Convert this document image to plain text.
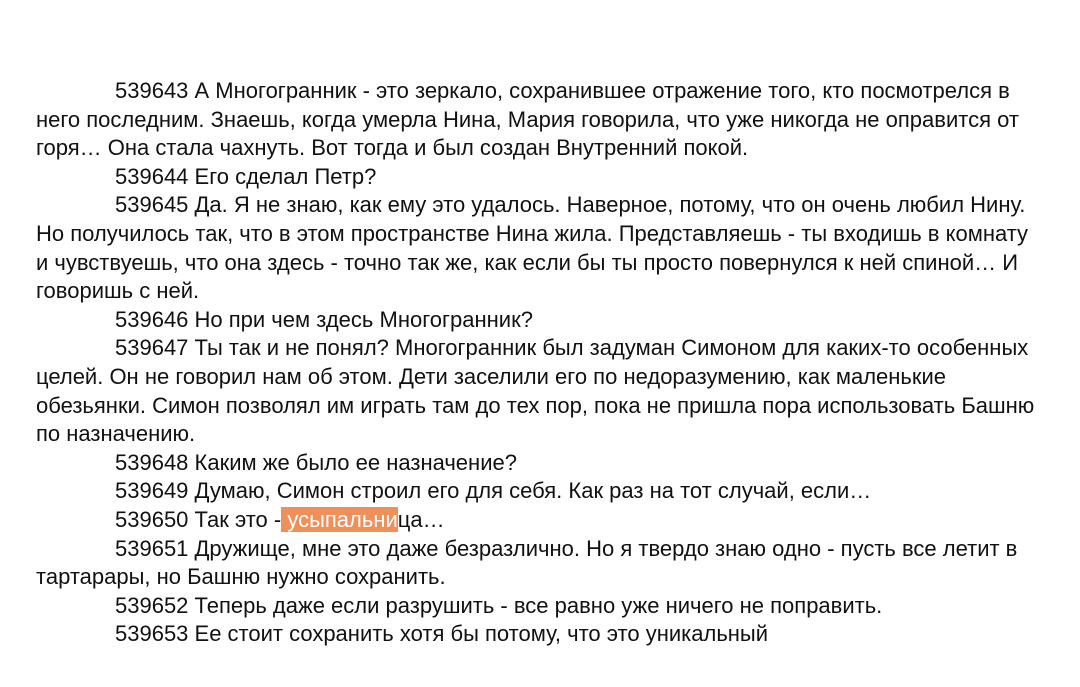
539643 А Многогранник - это зеркало, сохранившее отражение того, кто посмотрелся в него последним. Знаешь, когда умерла Нина, Мария говорила, что уже никогда не оправится от горя… Она стала чахнуть. Вот тогда и был создан Внутренний покой.

539644 Его сделал Петр?

539645 Да. Я не знаю, как ему это удалось. Наверное, потому, что он очень любил Нину. Но получилось так, что в этом пространстве Нина жила. Представляешь - ты входишь в комнату и чувствуешь, что она здесь - точно так же, как если бы ты просто повернулся к ней спиной… И говоришь с ней.

539646 Но при чем здесь Многогранник?

539647 Ты так и не понял? Многогранник был задуман Симоном для каких-то особенных целей. Он не говорил нам об этом. Дети заселили его по недоразумению, как маленькие обезьянки. Симон позволял им играть там до тех пор, пока не пришла пора использовать Башню по назначению.

539648 Каким же было ее назначение?

539649 Думаю, Симон строил его для себя. Как раз на тот случай, если…

539650 Так это - усыпальница…

539651 Дружище, мне это даже безразлично. Но я твердо знаю одно - пусть все летит в тартарары, но Башню нужно сохранить.

539652 Теперь даже если разрушить - все равно уже ничего не поправить.

539653 Ее стоит сохранить хотя бы потому, что это уникальный
